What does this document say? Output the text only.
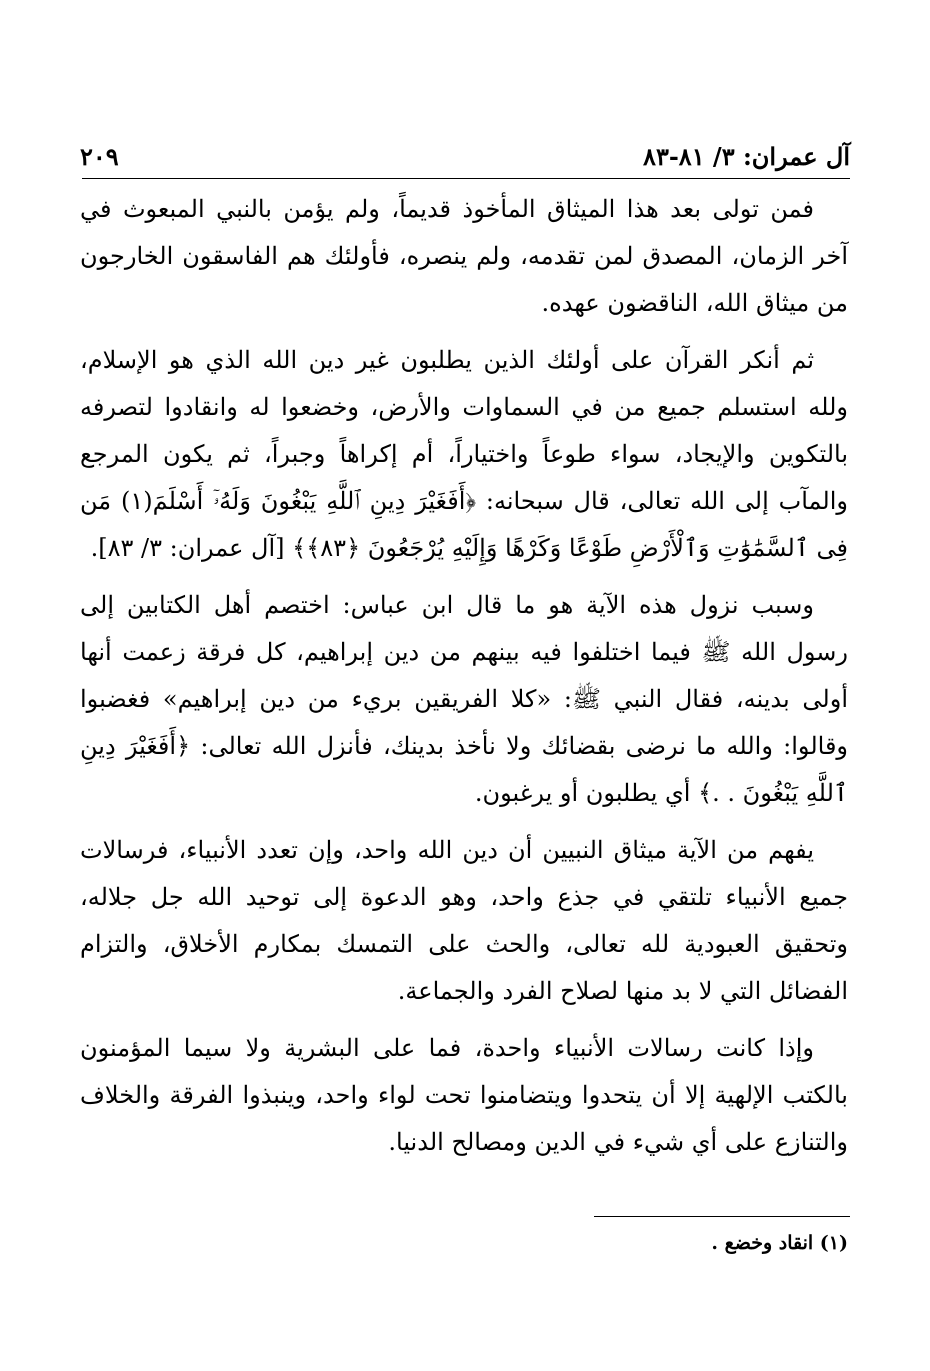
آل عمران: ٣/ ٨١-٨٣
٢٠٩

فمن تولى بعد هذا الميثاق المأخوذ قديماً، ولم يؤمن بالنبي المبعوث في آخر الزمان، المصدق لمن تقدمه، ولم ينصره، فأولئك هم الفاسقون الخارجون من ميثاق الله، الناقضون عهده.

ثم أنكر القرآن على أولئك الذين يطلبون غير دين الله الذي هو الإسلام، ولله استسلم جميع من في السماوات والأرض، وخضعوا له وانقادوا لتصرفه بالتكوين والإيجاد، سواء طوعاً واختياراً، أم إكراهاً وجبراً، ثم يكون المرجع والمآب إلى الله تعالى، قال سبحانه: ﴿أَفَغَيْرَ دِينِ ٱللَّهِ يَبْغُونَ وَلَهُۥٓ أَسْلَمَ(١) مَن فِى ٱلسَّمَٰوَٰتِ وَٱلْأَرْضِ طَوْعًا وَكَرْهًا وَإِلَيْهِ يُرْجَعُونَ ﴿٨٣﴾﴾ [آل عمران: ٣/ ٨٣].

وسبب نزول هذه الآية هو ما قال ابن عباس: اختصم أهل الكتابين إلى رسول الله ﷺ فيما اختلفوا فيه بينهم من دين إبراهيم، كل فرقة زعمت أنها أولى بدينه، فقال النبي ﷺ: «كلا الفريقين بريء من دين إبراهيم» فغضبوا وقالوا: والله ما نرضى بقضائك ولا نأخذ بدينك، فأنزل الله تعالى: ﴿أَفَغَيْرَ دِينِ ٱللَّهِ يَبْغُونَ . .﴾ أي يطلبون أو يرغبون.

يفهم من الآية ميثاق النبيين أن دين الله واحد، وإن تعدد الأنبياء، فرسالات جميع الأنبياء تلتقي في جذع واحد، وهو الدعوة إلى توحيد الله جل جلاله، وتحقيق العبودية لله تعالى، والحث على التمسك بمكارم الأخلاق، والتزام الفضائل التي لا بد منها لصلاح الفرد والجماعة.

وإذا كانت رسالات الأنبياء واحدة، فما على البشرية ولا سيما المؤمنون بالكتب الإلهية إلا أن يتحدوا ويتضامنوا تحت لواء واحد، وينبذوا الفرقة والخلاف والتنازع على أي شيء في الدين ومصالح الدنيا.

(١) انقاد وخضع .
